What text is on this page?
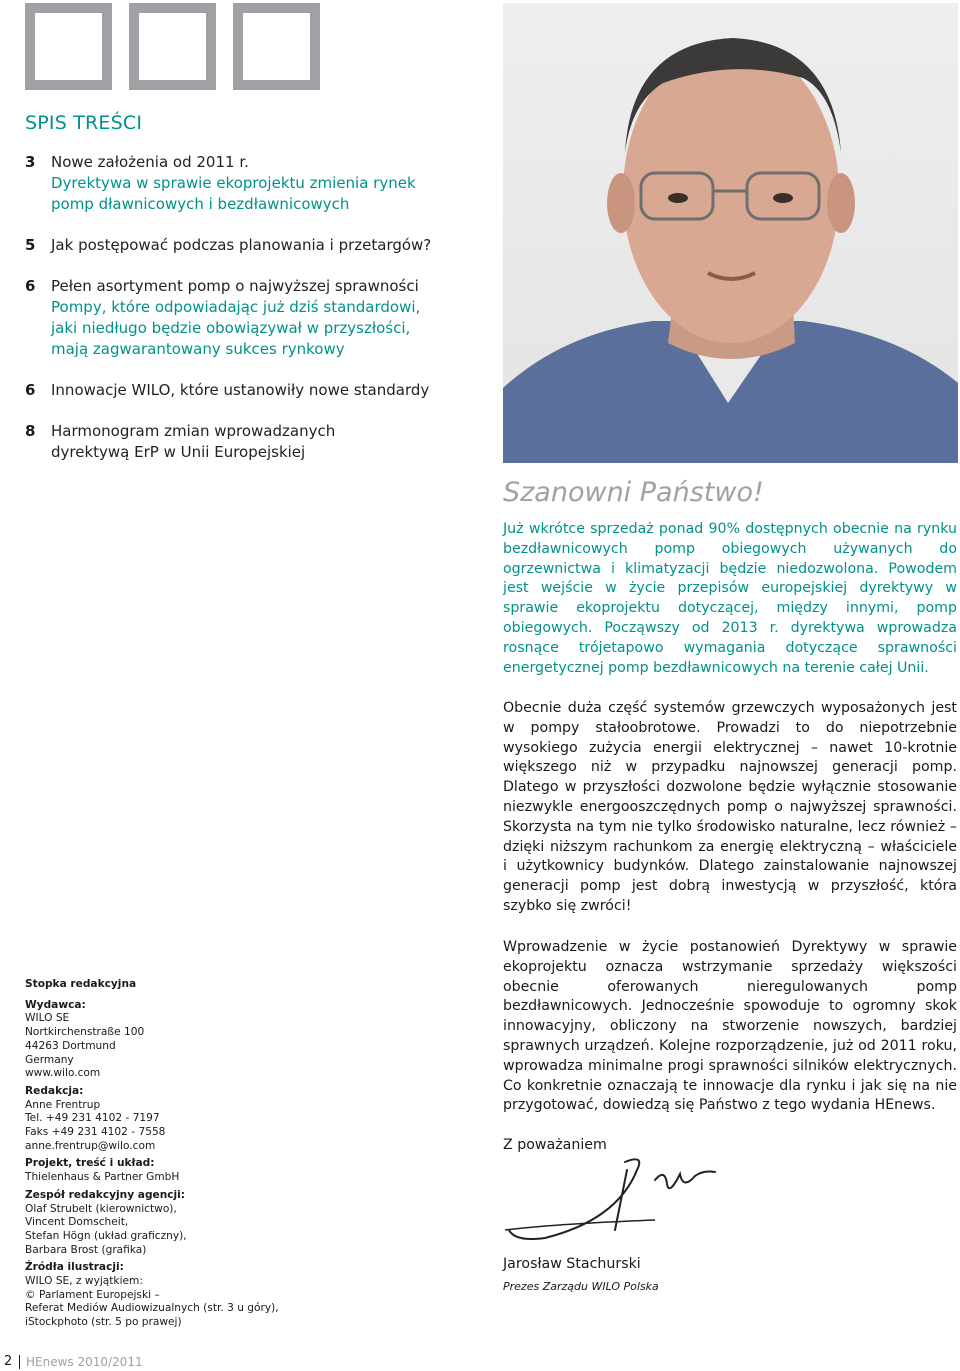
SPIS TREŚCI
3 Nowe założenia od 2011 r.
Dyrektywa w sprawie ekoprojektu zmienia rynek
pomp dławnicowych i bezdławnicowych
5 Jak postępować podczas planowania i przetargów?
6 Pełen asortyment pomp o najwyższej sprawności
Pompy, które odpowiadając już dziś standardowi,
jaki niedługo będzie obowiązywał w przyszłości,
mają zagwarantowany sukces rynkowy
6 Innowacje WILO, które ustanowiły nowe standardy
8 Harmonogram zmian wprowadzanych
dyrektywą ErP w Unii Europejskiej
Szanowni Państwo!
Już wkrótce sprzedaż ponad 90% dostępnych obecnie na rynku bezdławnicowych pomp obiegowych używanych do ogrzewnictwa i klimatyzacji będzie niedozwolona. Powodem jest wejście w życie przepisów europejskiej dyrektywy w sprawie ekoprojektu dotyczącej, między innymi, pomp obiegowych. Począwszy od 2013 r. dyrektywa wprowadza rosnące trójetapowo wymagania dotyczące sprawności energetycznej pomp bezdławnicowych na terenie całej Unii.
Obecnie duża część systemów grzewczych wyposażonych jest w pompy stałoobrotowe. Prowadzi to do niepotrzebnie wysokiego zużycia energii elektrycznej – nawet 10-krotnie większego niż w przypadku najnowszej generacji pomp. Dlatego w przyszłości dozwolone będzie wyłącznie stosowanie niezwykle energooszczędnych pomp o najwyższej sprawności. Skorzysta na tym nie tylko środowisko naturalne, lecz również – dzięki niższym rachunkom za energię elektryczną – właściciele i użytkownicy budynków. Dlatego zainstalowanie najnowszej generacji pomp jest dobrą inwestycją w przyszłość, która szybko się zwróci!
Wprowadzenie w życie postanowień Dyrektywy w sprawie ekoprojektu oznacza wstrzymanie sprzedaży większości obecnie oferowanych nieregulowanych pomp bezdławnicowych. Jednocześnie spowoduje to ogromny skok innowacyjny, obliczony na stworzenie nowszych, bardziej sprawnych urządzeń. Kolejne rozporządzenie, już od 2011 roku, wprowadza minimalne progi sprawności silników elektrycznych. Co konkretnie oznaczają te innowacje dla rynku i jak się na nie przygotować, dowiedzą się Państwo z tego wydania HEnews.
Z poważaniem
Jarosław Stachurski
Prezes Zarządu WILO Polska
Stopka redakcyjna
Wydawca:
WILO SE
Nortkirchenstraße 100
44263 Dortmund
Germany
www.wilo.com
Redakcja:
Anne Frentrup
Tel. +49 231 4102 - 7197
Faks +49 231 4102 - 7558
anne.frentrup@wilo.com
Projekt, treść i układ:
Thielenhaus & Partner GmbH
Zespół redakcyjny agencji:
Olaf Strubelt (kierownictwo),
Vincent Domscheit,
Stefan Högn (układ graficzny),
Barbara Brost (grafika)
Źródła ilustracji:
WILO SE, z wyjątkiem:
© Parlament Europejski –
Referat Mediów Audiowizualnych (str. 3 u góry),
iStockphoto (str. 5 po prawej)
2 HEnews 2010/2011
